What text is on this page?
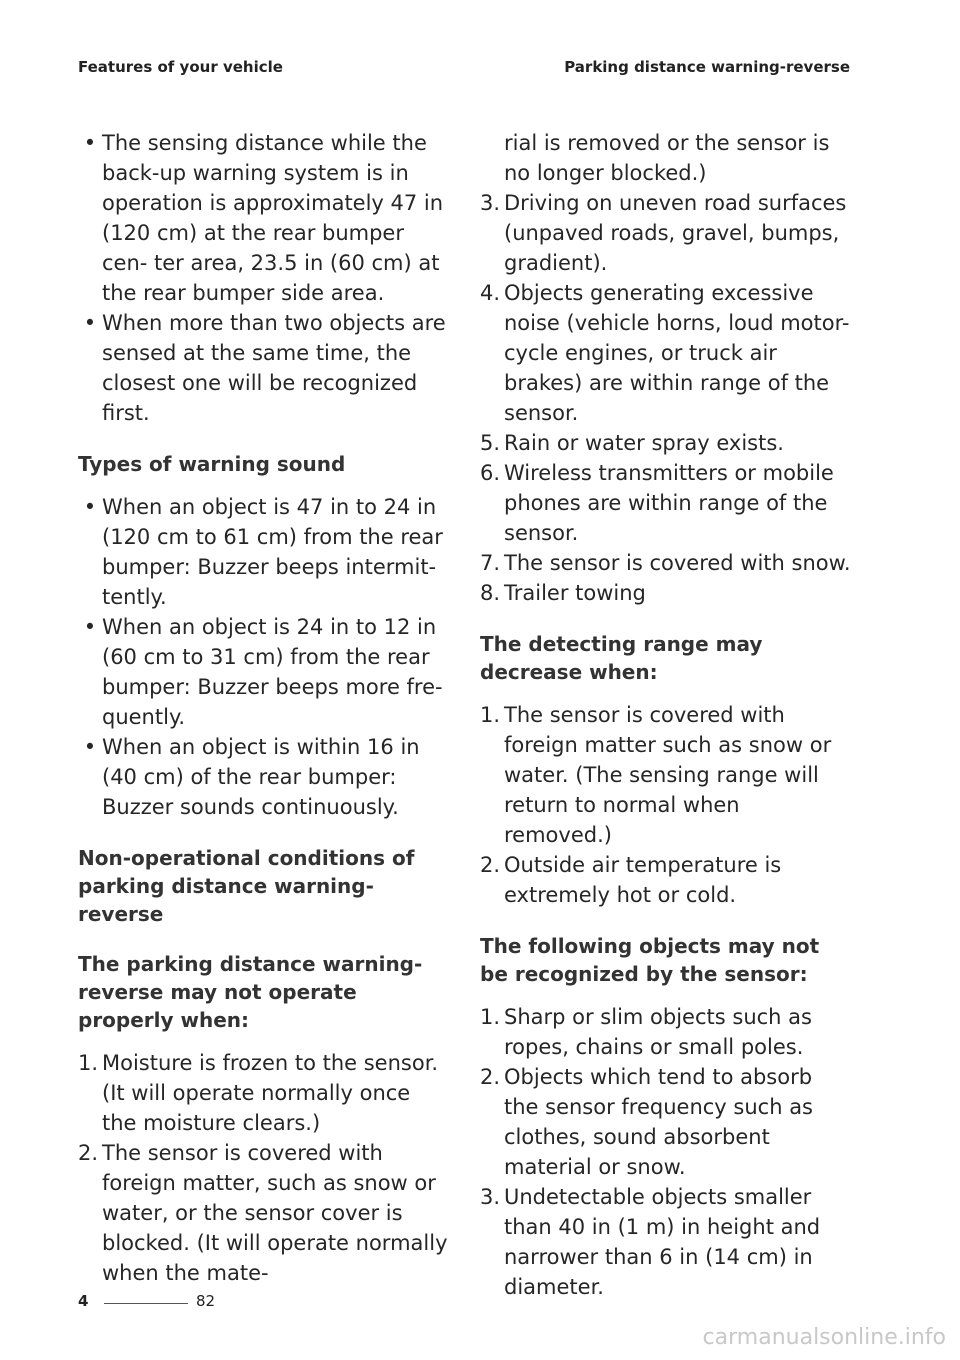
Features of your vehicle	Parking distance warning-reverse
• The sensing distance while the back-up warning system is in operation is approximately 47 in (120 cm) at the rear bumper cen- ter area, 23.5 in (60 cm) at the rear bumper side area.
• When more than two objects are sensed at the same time, the closest one will be recognized first.
Types of warning sound
• When an object is 47 in to 24 in (120 cm to 61 cm) from the rear bumper: Buzzer beeps intermit- tently.
• When an object is 24 in to 12 in (60 cm to 31 cm) from the rear bumper: Buzzer beeps more fre- quently.
• When an object is within 16 in (40 cm) of the rear bumper: Buzzer sounds continuously.
Non-operational conditions of parking distance warning-reverse
The parking distance warning- reverse may not operate properly when:
1. Moisture is frozen to the sensor. (It will operate normally once the moisture clears.)
2. The sensor is covered with foreign matter, such as snow or water, or the sensor cover is blocked. (It will operate normally when the mate-
rial is removed or the sensor is no longer blocked.)
3. Driving on uneven road surfaces (unpaved roads, gravel, bumps, gradient).
4. Objects generating excessive noise (vehicle horns, loud motor- cycle engines, or truck air brakes) are within range of the sensor.
5. Rain or water spray exists.
6. Wireless transmitters or mobile phones are within range of the sensor.
7. The sensor is covered with snow.
8. Trailer towing
The detecting range may decrease when:
1. The sensor is covered with foreign matter such as snow or water. (The sensing range will return to normal when removed.)
2. Outside air temperature is extremely hot or cold.
The following objects may not be recognized by the sensor:
1. Sharp or slim objects such as ropes, chains or small poles.
2. Objects which tend to absorb the sensor frequency such as clothes, sound absorbent material or snow.
3. Undetectable objects smaller than 40 in (1 m) in height and narrower than 6 in (14 cm) in diameter.
4	82
carmanualsonline.info
